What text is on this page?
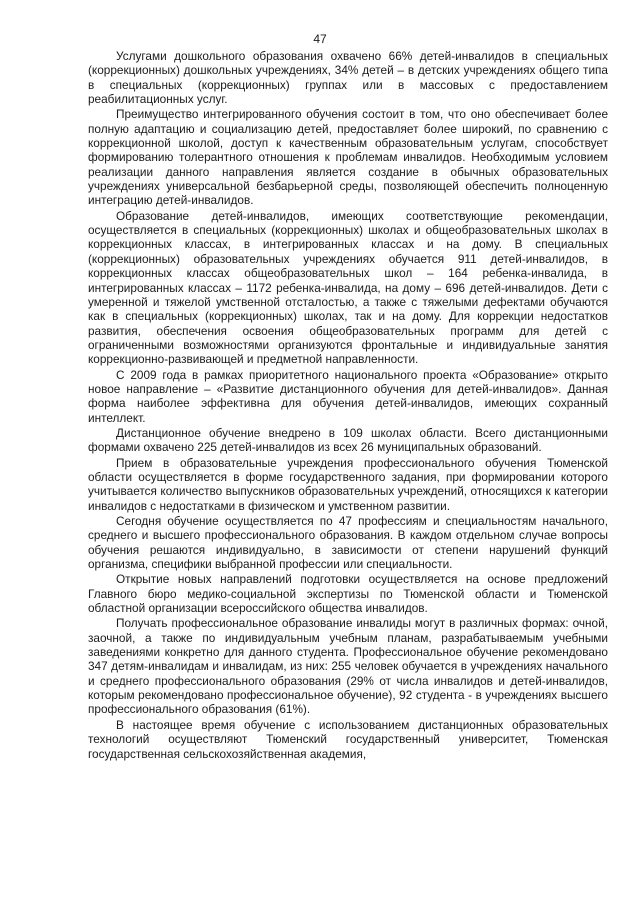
47

Услугами дошкольного образования охвачено 66% детей-инвалидов в специальных (коррекционных) дошкольных учреждениях, 34% детей – в детских учреждениях общего типа в специальных (коррекционных) группах или в массовых с предоставлением реабилитационных услуг.

Преимущество интегрированного обучения состоит в том, что оно обеспечивает более полную адаптацию и социализацию детей, предоставляет более широкий, по сравнению с коррекционной школой, доступ к качественным образовательным услугам, способствует формированию толерантного отношения к проблемам инвалидов. Необходимым условием реализации данного направления является создание в обычных образовательных учреждениях универсальной безбарьерной среды, позволяющей обеспечить полноценную интеграцию детей-инвалидов.

Образование детей-инвалидов, имеющих соответствующие рекомендации, осуществляется в специальных (коррекционных) школах и общеобразовательных школах в коррекционных классах, в интегрированных классах и на дому. В специальных (коррекционных) образовательных учреждениях обучается 911 детей-инвалидов, в коррекционных классах общеобразовательных школ – 164 ребенка-инвалида, в интегрированных классах – 1172 ребенка-инвалида, на дому – 696 детей-инвалидов. Дети с умеренной и тяжелой умственной отсталостью, а также с тяжелыми дефектами обучаются как в специальных (коррекционных) школах, так и на дому. Для коррекции недостатков развития, обеспечения освоения общеобразовательных программ для детей с ограниченными возможностями организуются фронтальные и индивидуальные занятия коррекционно-развивающей и предметной направленности.

С 2009 года в рамках приоритетного национального проекта «Образование» открыто новое направление – «Развитие дистанционного обучения для детей-инвалидов». Данная форма наиболее эффективна для обучения детей-инвалидов, имеющих сохранный интеллект.

Дистанционное обучение внедрено в 109 школах области. Всего дистанционными формами охвачено 225 детей-инвалидов из всех 26 муниципальных образований.

Прием в образовательные учреждения профессионального обучения Тюменской области осуществляется в форме государственного задания, при формировании которого учитывается количество выпускников образовательных учреждений, относящихся к категории инвалидов с недостатками в физическом и умственном развитии.

Сегодня обучение осуществляется по 47 профессиям и специальностям начального, среднего и высшего профессионального образования. В каждом отдельном случае вопросы обучения решаются индивидуально, в зависимости от степени нарушений функций организма, специфики выбранной профессии или специальности.

Открытие новых направлений подготовки осуществляется на основе предложений Главного бюро медико-социальной экспертизы по Тюменской области и Тюменской областной организации всероссийского общества инвалидов.

Получать профессиональное образование инвалиды могут в различных формах: очной, заочной, а также по индивидуальным учебным планам, разрабатываемым учебными заведениями конкретно для данного студента. Профессиональное обучение рекомендовано 347 детям-инвалидам и инвалидам, из них: 255 человек обучается в учреждениях начального и среднего профессионального образования (29% от числа инвалидов и детей-инвалидов, которым рекомендовано профессиональное обучение), 92 студента - в учреждениях высшего профессионального образования (61%).

В настоящее время обучение с использованием дистанционных образовательных технологий осуществляют Тюменский государственный университет, Тюменская государственная сельскохозяйственная академия,
